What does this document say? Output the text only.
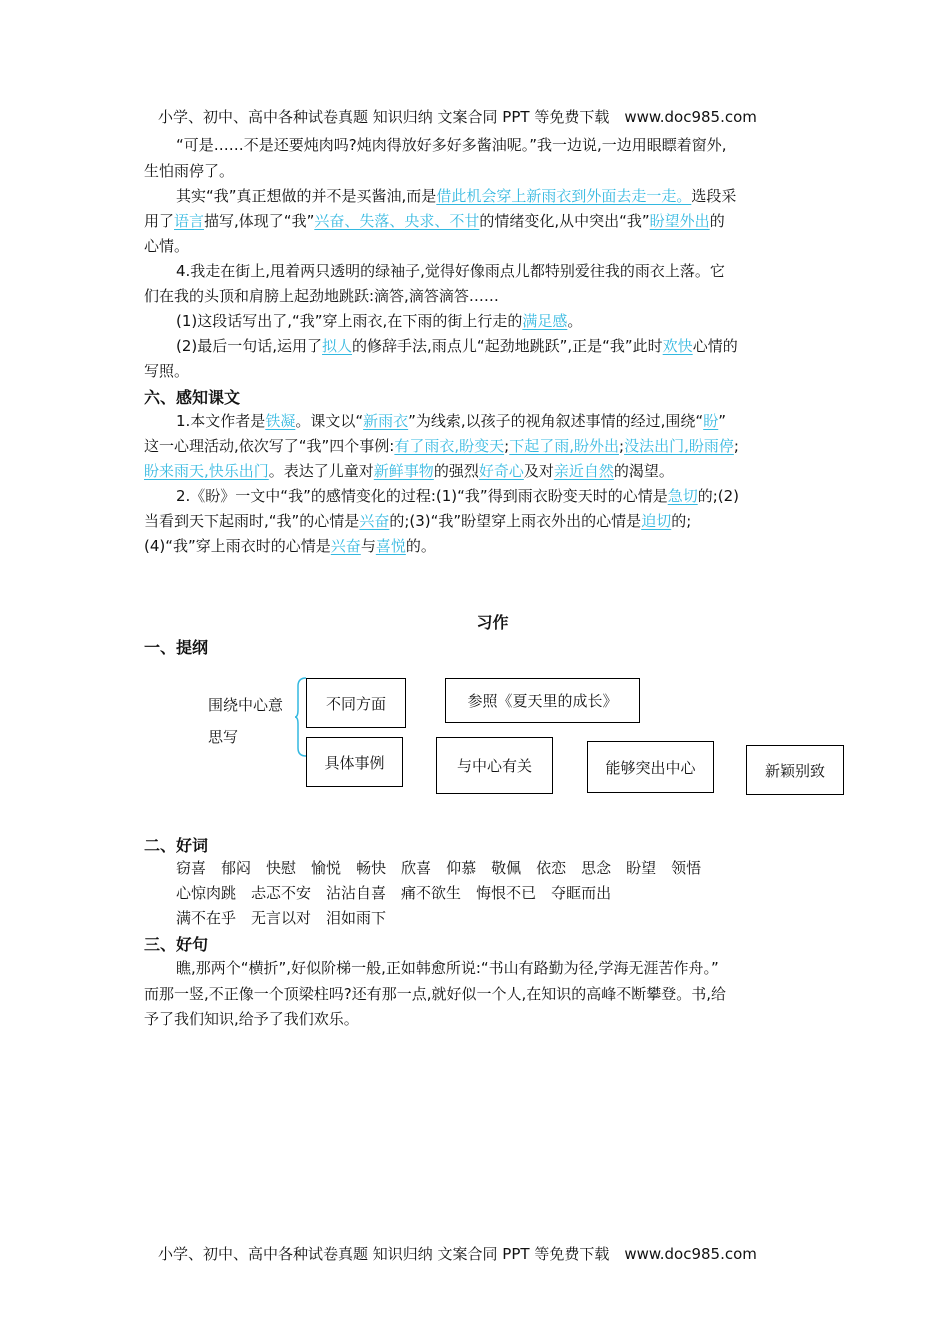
小学、初中、高中各种试卷真题 知识归纳 文案合同 PPT 等免费下载　www.doc985.com
“可是……不是还要炖肉吗?炖肉得放好多好多酱油呢。”我一边说,一边用眼瞟着窗外,
生怕雨停了。
其实“我”真正想做的并不是买酱油,而是借此机会穿上新雨衣到外面去走一走。选段采
用了语言描写,体现了“我”兴奋、失落、央求、不甘的情绪变化,从中突出“我”盼望外出的
心情。
4.我走在街上,甩着两只透明的绿袖子,觉得好像雨点儿都特别爱往我的雨衣上落。它
们在我的头顶和肩膀上起劲地跳跃:滴答,滴答滴答……
(1)这段话写出了,“我”穿上雨衣,在下雨的街上行走的满足感。
(2)最后一句话,运用了拟人的修辞手法,雨点儿“起劲地跳跃”,正是“我”此时欢快心情的
写照。
六、感知课文
1.本文作者是铁凝。课文以“新雨衣”为线索,以孩子的视角叙述事情的经过,围绕“盼”
这一心理活动,依次写了“我”四个事例:有了雨衣,盼变天;下起了雨,盼外出;没法出门,盼雨停;
盼来雨天,快乐出门。表达了儿童对新鲜事物的强烈好奇心及对亲近自然的渴望。
2.《盼》一文中“我”的感情变化的过程:(1)“我”得到雨衣盼变天时的心情是急切的;(2)
当看到天下起雨时,“我”的心情是兴奋的;(3)“我”盼望穿上雨衣外出的心情是迫切的;
(4)“我”穿上雨衣时的心情是兴奋与喜悦的。
习作
一、提纲
围绕中心意
思写
不同方面	参照《夏天里的成长》
具体事例	与中心有关	能够突出中心	新颖别致
二、好词
窃喜 郁闷 快慰 愉悦 畅快 欣喜 仰慕 敬佩 依恋 思念 盼望 领悟
心惊肉跳 忐忑不安 沾沾自喜 痛不欲生 悔恨不已 夺眶而出
满不在乎 无言以对 泪如雨下
三、好句
瞧,那两个“横折”,好似阶梯一般,正如韩愈所说:“书山有路勤为径,学海无涯苦作舟。”
而那一竖,不正像一个顶梁柱吗?还有那一点,就好似一个人,在知识的高峰不断攀登。书,给
予了我们知识,给予了我们欢乐。
小学、初中、高中各种试卷真题 知识归纳 文案合同 PPT 等免费下载　www.doc985.com
